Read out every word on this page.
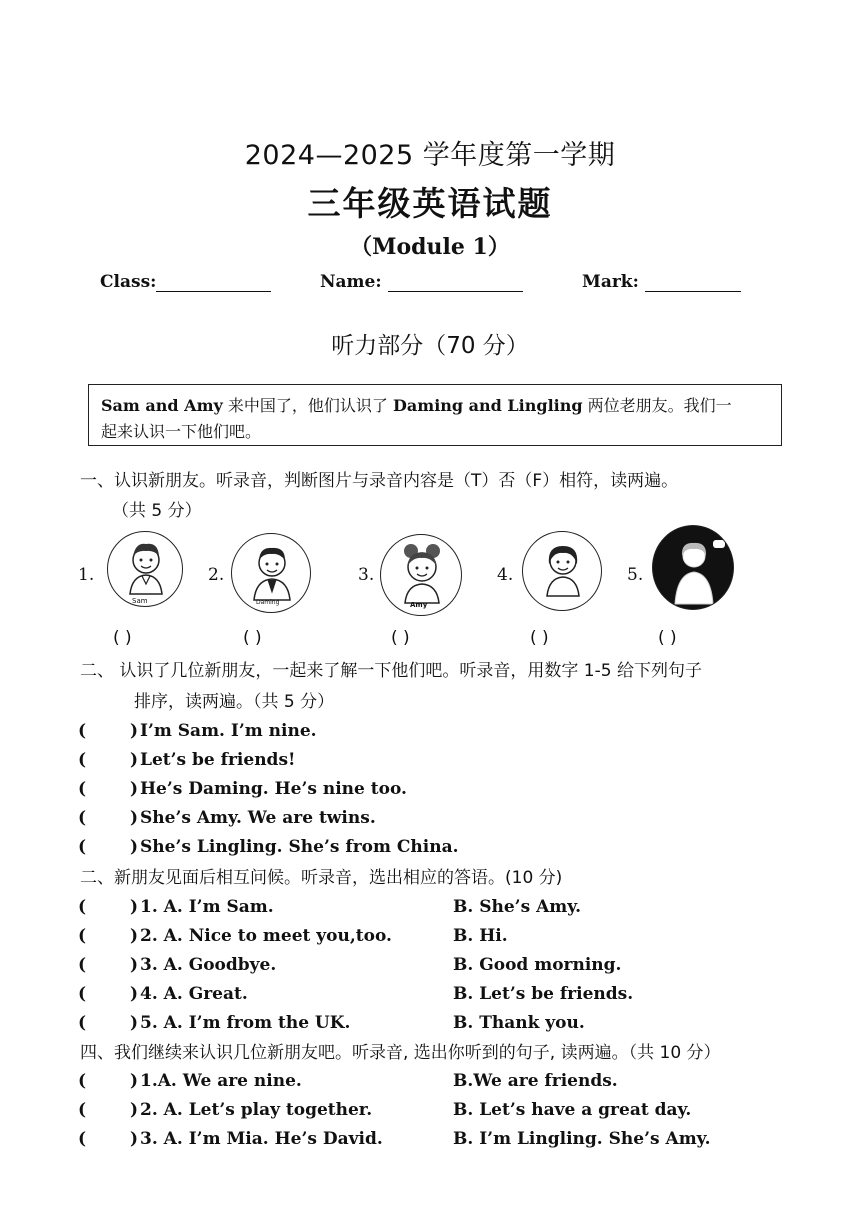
2024—2025 学年度第一学期
三年级英语试题
（Module 1）
Class:	Name:	Mark:
听力部分（70 分）
Sam and Amy 来中国了，他们认识了 Daming and Lingling 两位老朋友。我们一
起来认识一下他们吧。
一、认识新朋友。听录音，判断图片与录音内容是（T）否（F）相符，读两遍。
（共 5 分）
1.
Sam
2.
Daming
3.
Amy
4.	5.
( )	( )	( )	( )	( )
二、 认识了几位新朋友，一起来了解一下他们吧。听录音，用数字 1-5 给下列句子
排序，读两遍。（共 5 分）
(	) I’m Sam. I’m nine.
(	) Let’s be friends!
(	) He’s Daming. He’s nine too.
(	) She’s Amy. We are twins.
(	) She’s Lingling. She’s from China.
二、新朋友见面后相互问候。听录音，选出相应的答语。(10 分)
(	) 1. A. I’m Sam.	B. She’s Amy.
(	) 2. A. Nice to meet you,too.	B. Hi.
(	) 3. A. Goodbye.	B. Good morning.
(	) 4. A. Great.	B. Let’s be friends.
(	) 5. A. I’m from the UK.	B. Thank you.
四、我们继续来认识几位新朋友吧。听录音, 选出你听到的句子, 读两遍。（共 10 分）
(	) 1.A. We are nine.	B.We are friends.
(	) 2. A. Let’s play together.	B. Let’s have a great day.
(	) 3. A. I’m Mia. He’s David.	B. I’m Lingling. She’s Amy.
